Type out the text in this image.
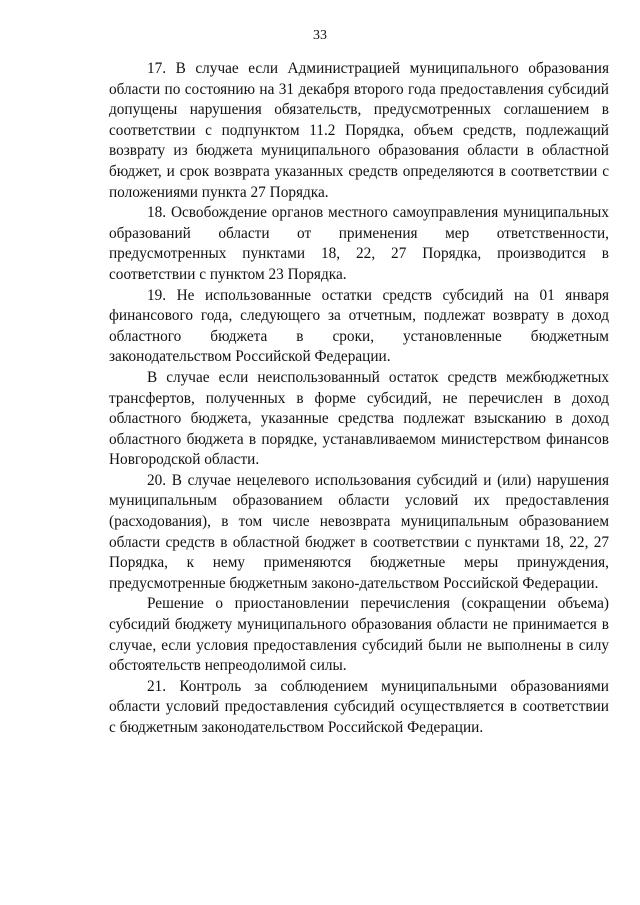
33

17. В случае если Администрацией муниципального образования области по состоянию на 31 декабря второго года предоставления субсидий допущены нарушения обязательств, предусмотренных соглашением в соответствии с подпунктом 11.2 Порядка, объем средств, подлежащий возврату из бюджета муниципального образования области в областной бюджет, и срок возврата указанных средств определяются в соответствии с положениями пункта 27 Порядка.

18. Освобождение органов местного самоуправления муниципальных образований области от применения мер ответственности, предусмотренных пунктами 18, 22, 27 Порядка, производится в соответствии с пунктом 23 Порядка.

19. Не использованные остатки средств субсидий на 01 января финансового года, следующего за отчетным, подлежат возврату в доход областного бюджета в сроки, установленные бюджетным законодательством Российской Федерации.

В случае если неиспользованный остаток средств межбюджетных трансфертов, полученных в форме субсидий, не перечислен в доход областного бюджета, указанные средства подлежат взысканию в доход областного бюджета в порядке, устанавливаемом министерством финансов Новгородской области.

20. В случае нецелевого использования субсидий и (или) нарушения муниципальным образованием области условий их предоставления (расходования), в том числе невозврата муниципальным образованием области средств в областной бюджет в соответствии с пунктами 18, 22, 27 Порядка, к нему применяются бюджетные меры принуждения, предусмотренные бюджетным законо-дательством Российской Федерации.

Решение о приостановлении перечисления (сокращении объема) субсидий бюджету муниципального образования области не принимается в случае, если условия предоставления субсидий были не выполнены в силу обстоятельств непреодолимой силы.

21. Контроль за соблюдением муниципальными образованиями области условий предоставления субсидий осуществляется в соответствии с бюджетным законодательством Российской Федерации.
